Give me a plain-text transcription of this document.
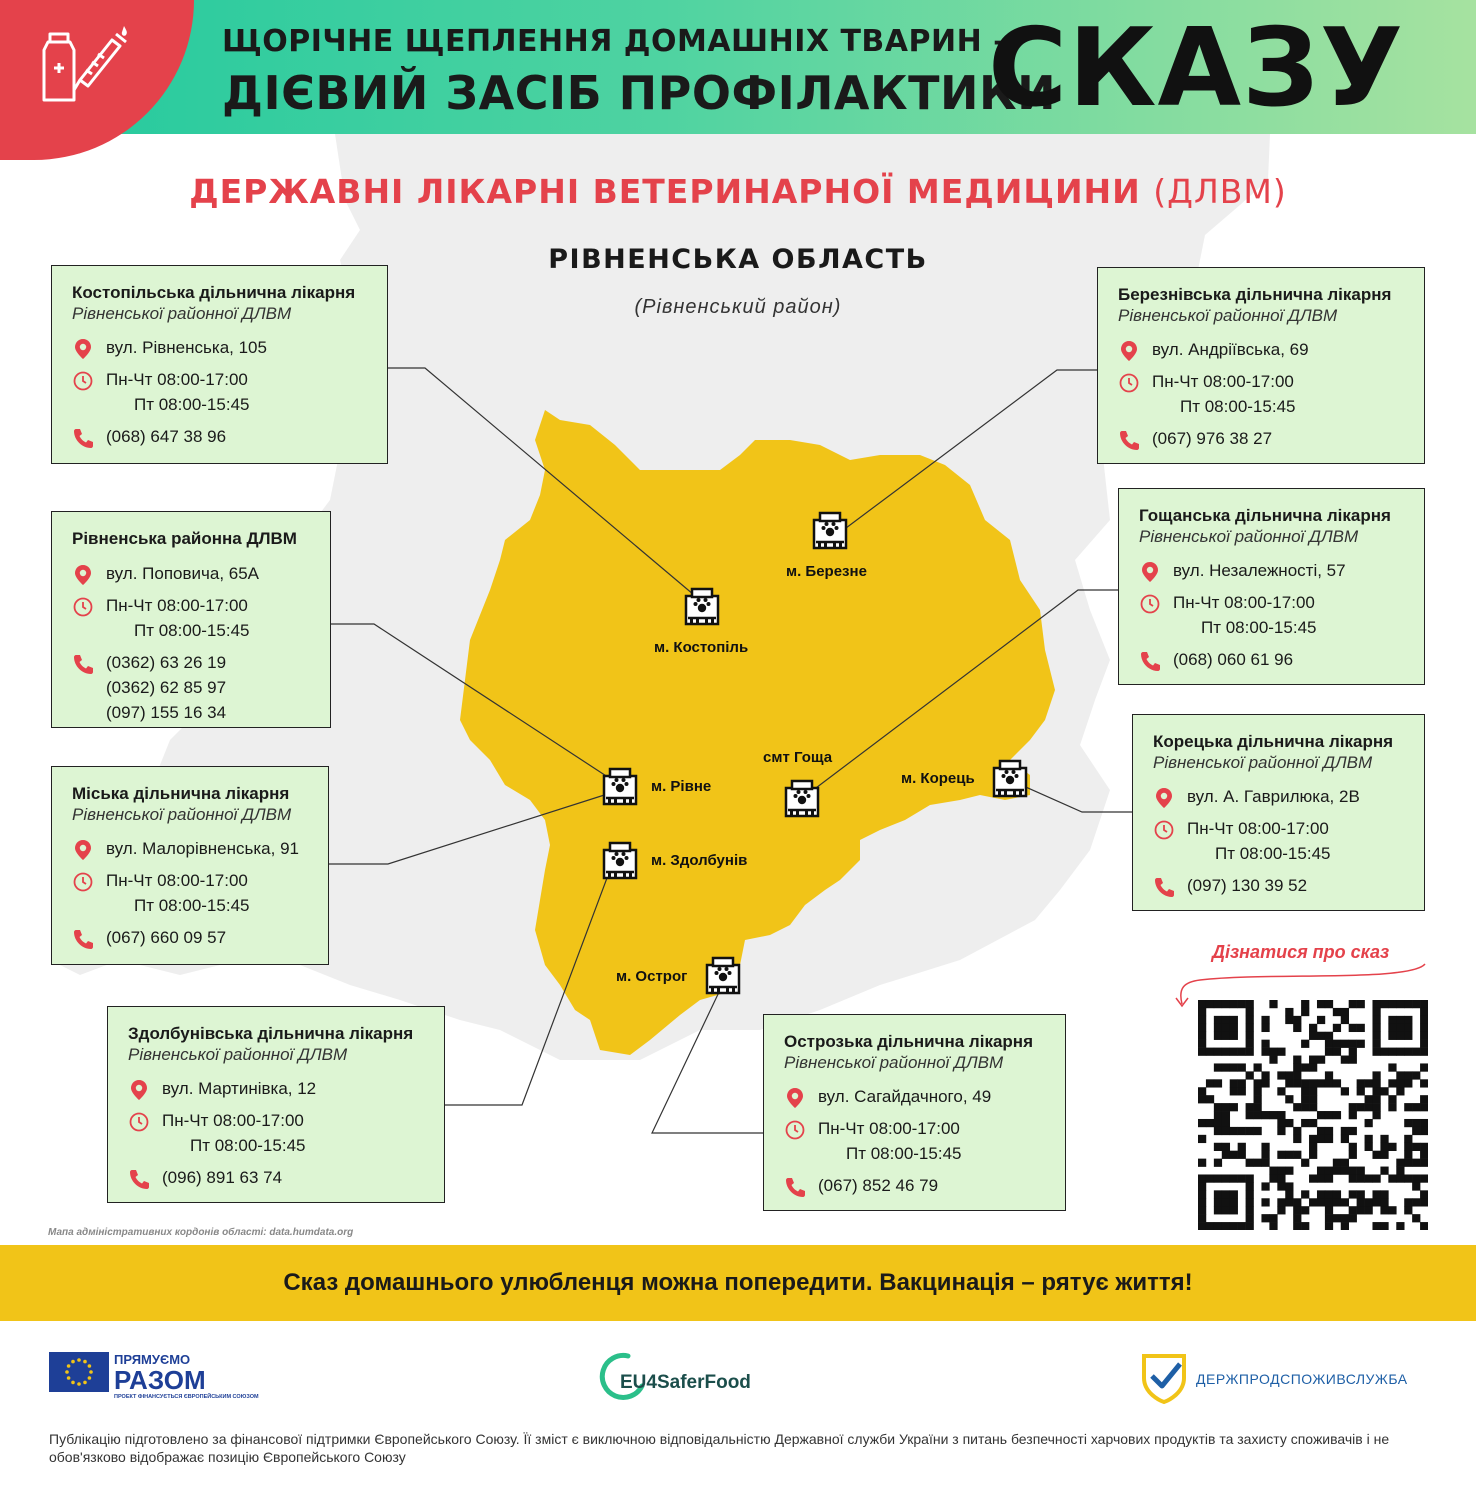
ЩОРІЧНЕ ЩЕПЛЕННЯ ДОМАШНІХ ТВАРИН –
ДІЄВИЙ ЗАСІБ ПРОФІЛАКТИКИ
СКАЗУ
ДЕРЖАВНІ ЛІКАРНІ ВЕТЕРИНАРНОЇ МЕДИЦИНИ (ДЛВМ)
РІВНЕНСЬКА ОБЛАСТЬ
(Рівненський район)
Костопільська дільнична лікарня
Рівненської районної ДЛВМ
вул. Рівненська, 105
Пн-Чт 08:00-17:00
Пт 08:00-15:45
(068) 647 38 96
Рівненська районна ДЛВМ
вул. Поповича, 65А
Пн-Чт 08:00-17:00
Пт 08:00-15:45
(0362) 63 26 19
(0362) 62 85 97
(097) 155 16 34
Міська дільнична лікарня
Рівненської районної ДЛВМ
вул. Малорівненська, 91
Пн-Чт 08:00-17:00
Пт 08:00-15:45
(067) 660 09 57
Здолбунівська дільнична лікарня
Рівненської районної ДЛВМ
вул. Мартинівка, 12
Пн-Чт 08:00-17:00
Пт 08:00-15:45
(096) 891 63 74
Острозька дільнична лікарня
Рівненської районної ДЛВМ
вул. Сагайдачного, 49
Пн-Чт 08:00-17:00
Пт 08:00-15:45
(067) 852 46 79
Березнівська дільнична лікарня
Рівненської районної ДЛВМ
вул. Андріївська, 69
Пн-Чт 08:00-17:00
Пт 08:00-15:45
(067) 976 38 27
Гощанська дільнична лікарня
Рівненської районної ДЛВМ
вул. Незалежності, 57
Пн-Чт 08:00-17:00
Пт 08:00-15:45
(068) 060 61 96
Корецька дільнична лікарня
Рівненської районної ДЛВМ
вул. А. Гаврилюка, 2В
Пн-Чт 08:00-17:00
Пт 08:00-15:45
(097) 130 39 52
м. Костопіль
м. Березне
м. Рівне
смт Гоща
м. Корець
м. Здолбунів
м. Острог
Дізнатися про сказ
Мапа адміністративних кордонів області: data.humdata.org
Сказ домашнього улюбленця можна попередити. Вакцинація – рятує життя!
ПРЯМУЄМО
РАЗОМ
ПРОЕКТ ФІНАНСУЄТЬСЯ ЄВРОПЕЙСЬКИМ СОЮЗОМ
EU4SaferFood	ДЕРЖПРОДСПОЖИВСЛУЖБА
Публікацію підготовлено за фінансової підтримки Європейського Союзу. Її зміст є виключною відповідальністю Державної служби України з питань безпечності харчових продуктів та захисту споживачів і не обов'язково відображає позицію Європейського Союзу
